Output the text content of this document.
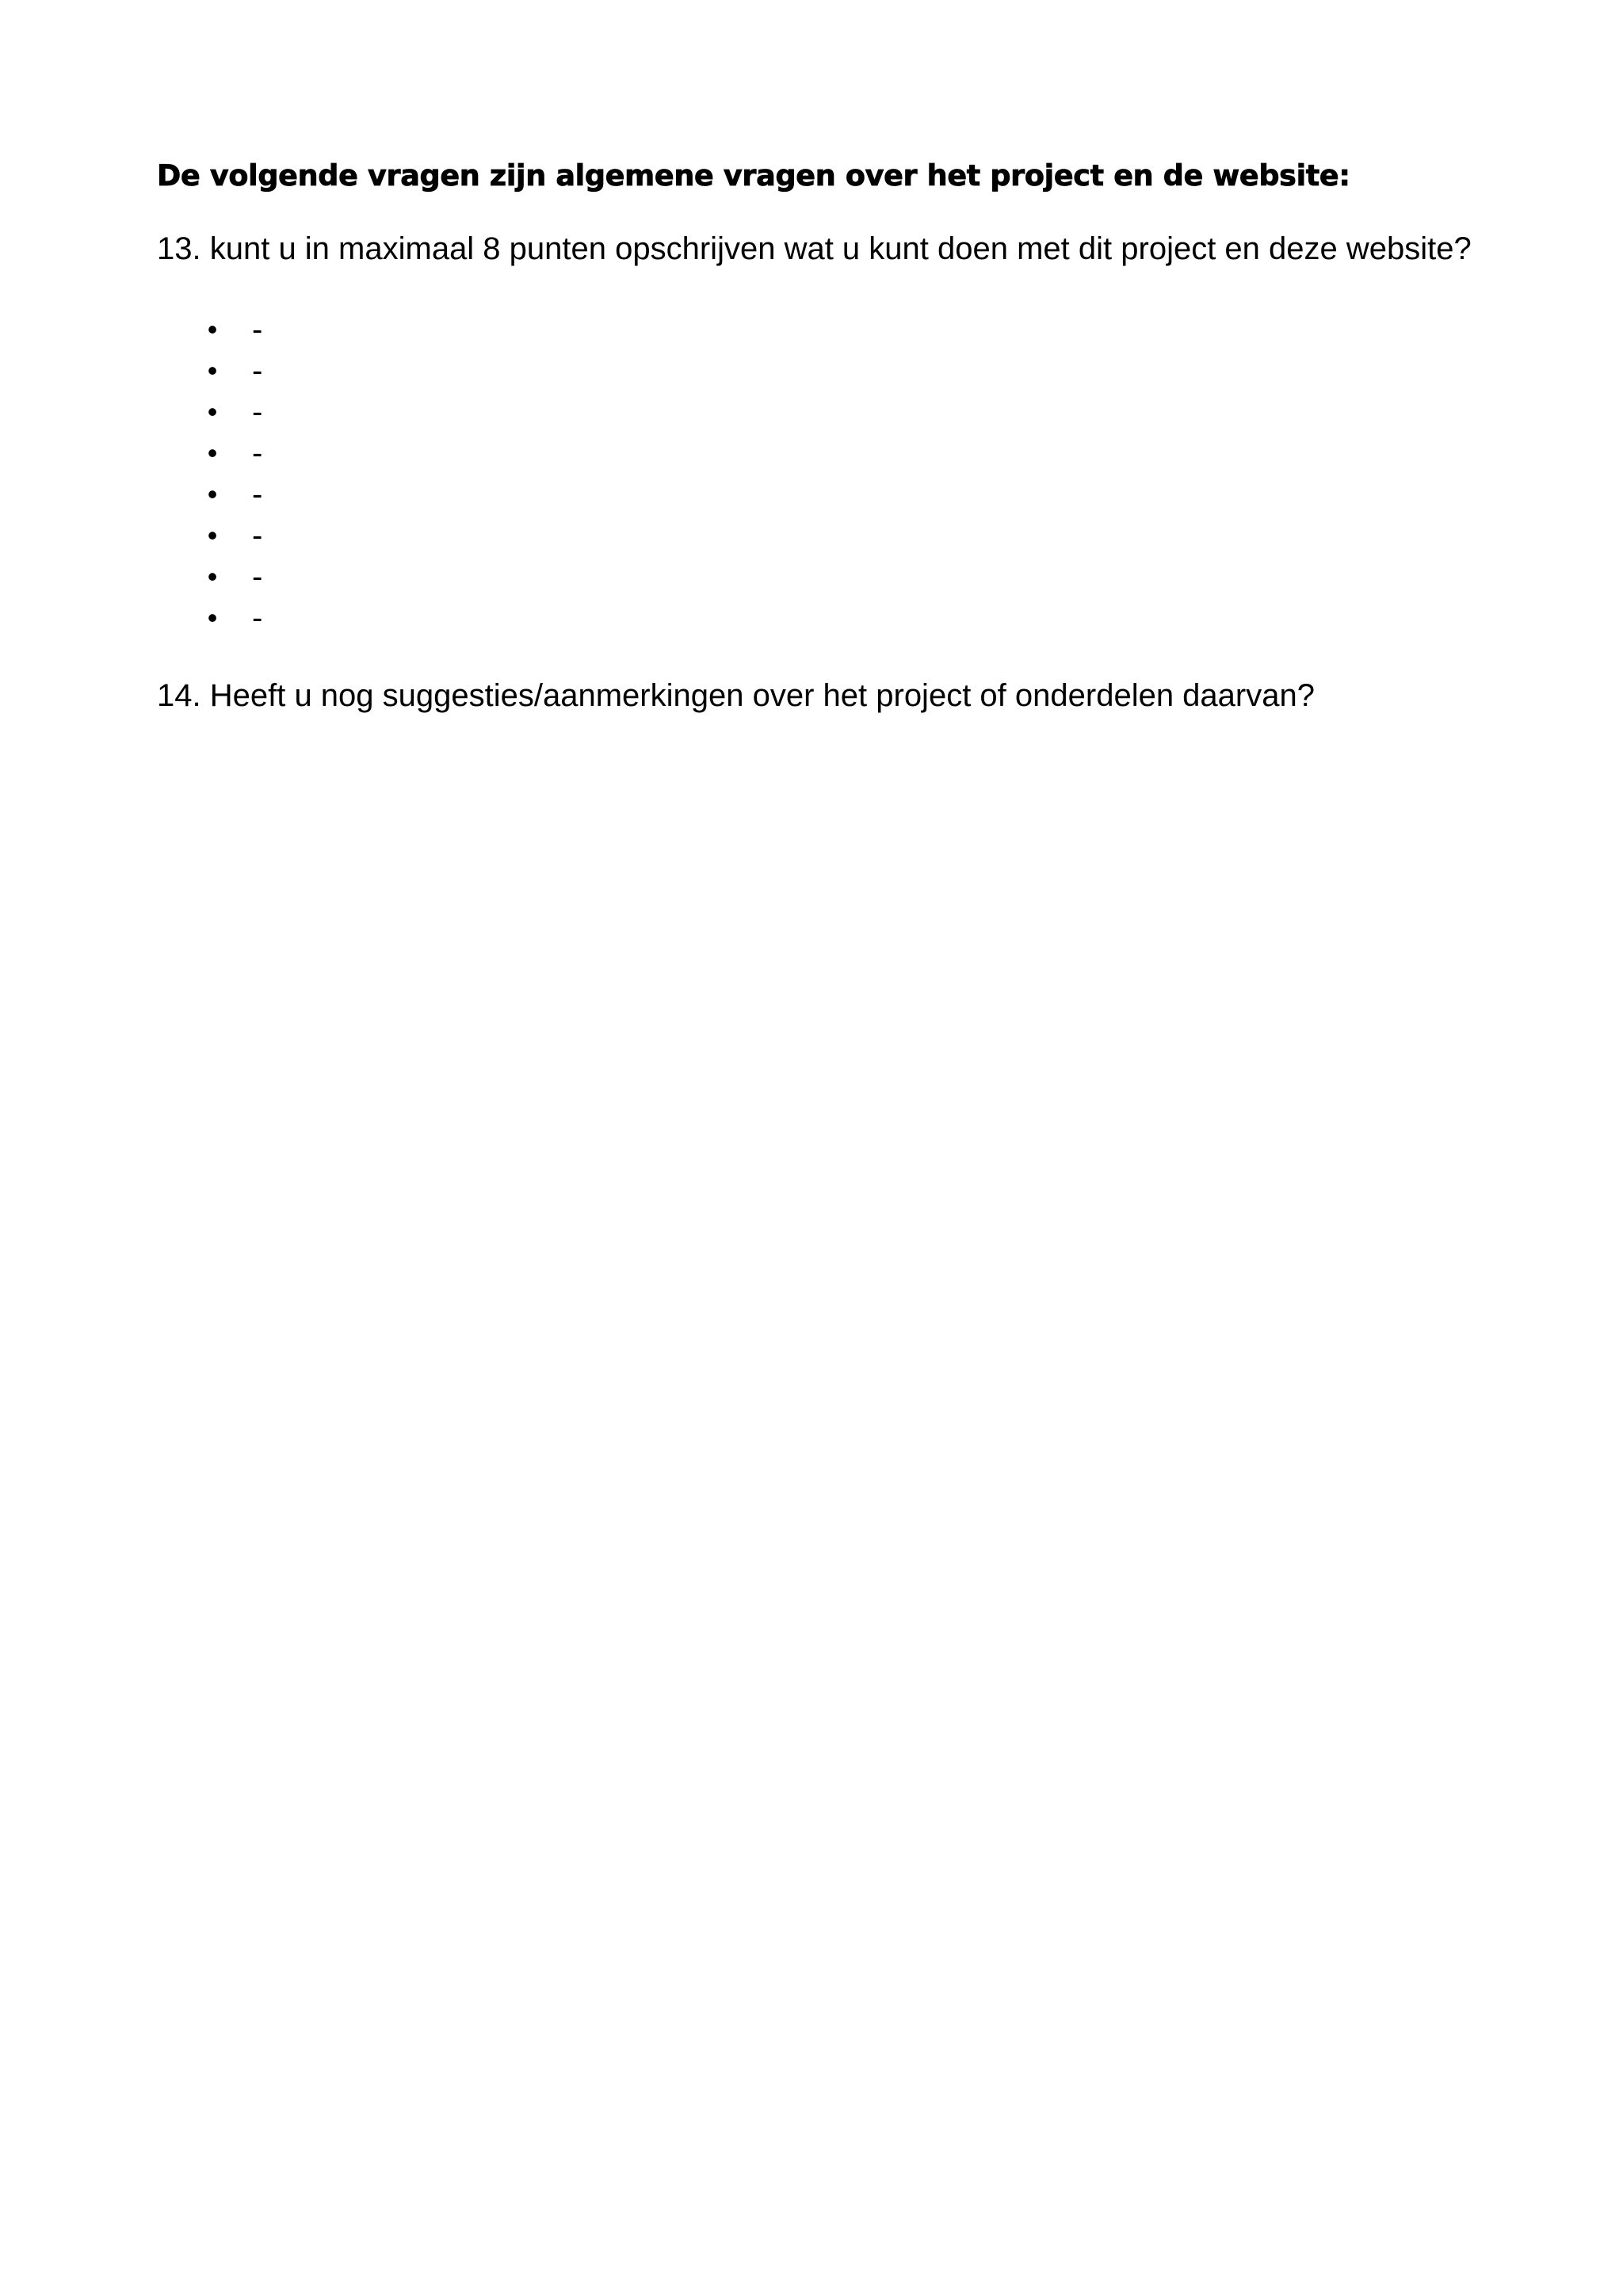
De volgende vragen zijn algemene vragen over het project en de website:
13. kunt u in maximaal 8 punten opschrijven wat u kunt doen met dit project en deze website?
• -
• -
• -
• -
• -
• -
• -
• -
14. Heeft u nog suggesties/aanmerkingen over het project of onderdelen daarvan?
